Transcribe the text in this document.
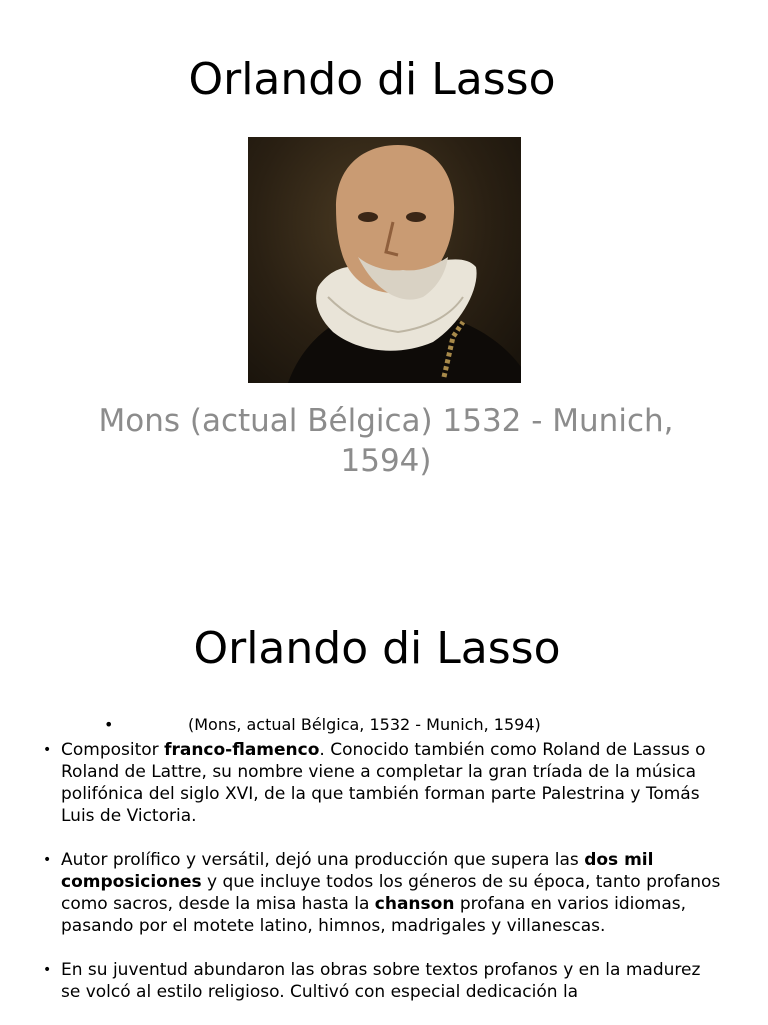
Orlando di Lasso
Mons (actual Bélgica) 1532 - Munich, 1594)
Orlando di Lasso
•	(Mons, actual Bélgica, 1532 - Munich, 1594)
• Compositor franco-flamenco. Conocido también como Roland de Lassus o Roland de Lattre, su nombre viene a completar la gran tríada de la música polifónica del siglo XVI, de la que también forman parte Palestrina y Tomás Luis de Victoria.
• Autor prolífico y versátil, dejó una producción que supera las dos mil composiciones y que incluye todos los géneros de su época, tanto profanos como sacros, desde la misa hasta la chanson profana en varios idiomas, pasando por el motete latino, himnos, madrigales y villanescas.
• En su juventud abundaron las obras sobre textos profanos y en la madurez se volcó al estilo religioso. Cultivó con especial dedicación la
